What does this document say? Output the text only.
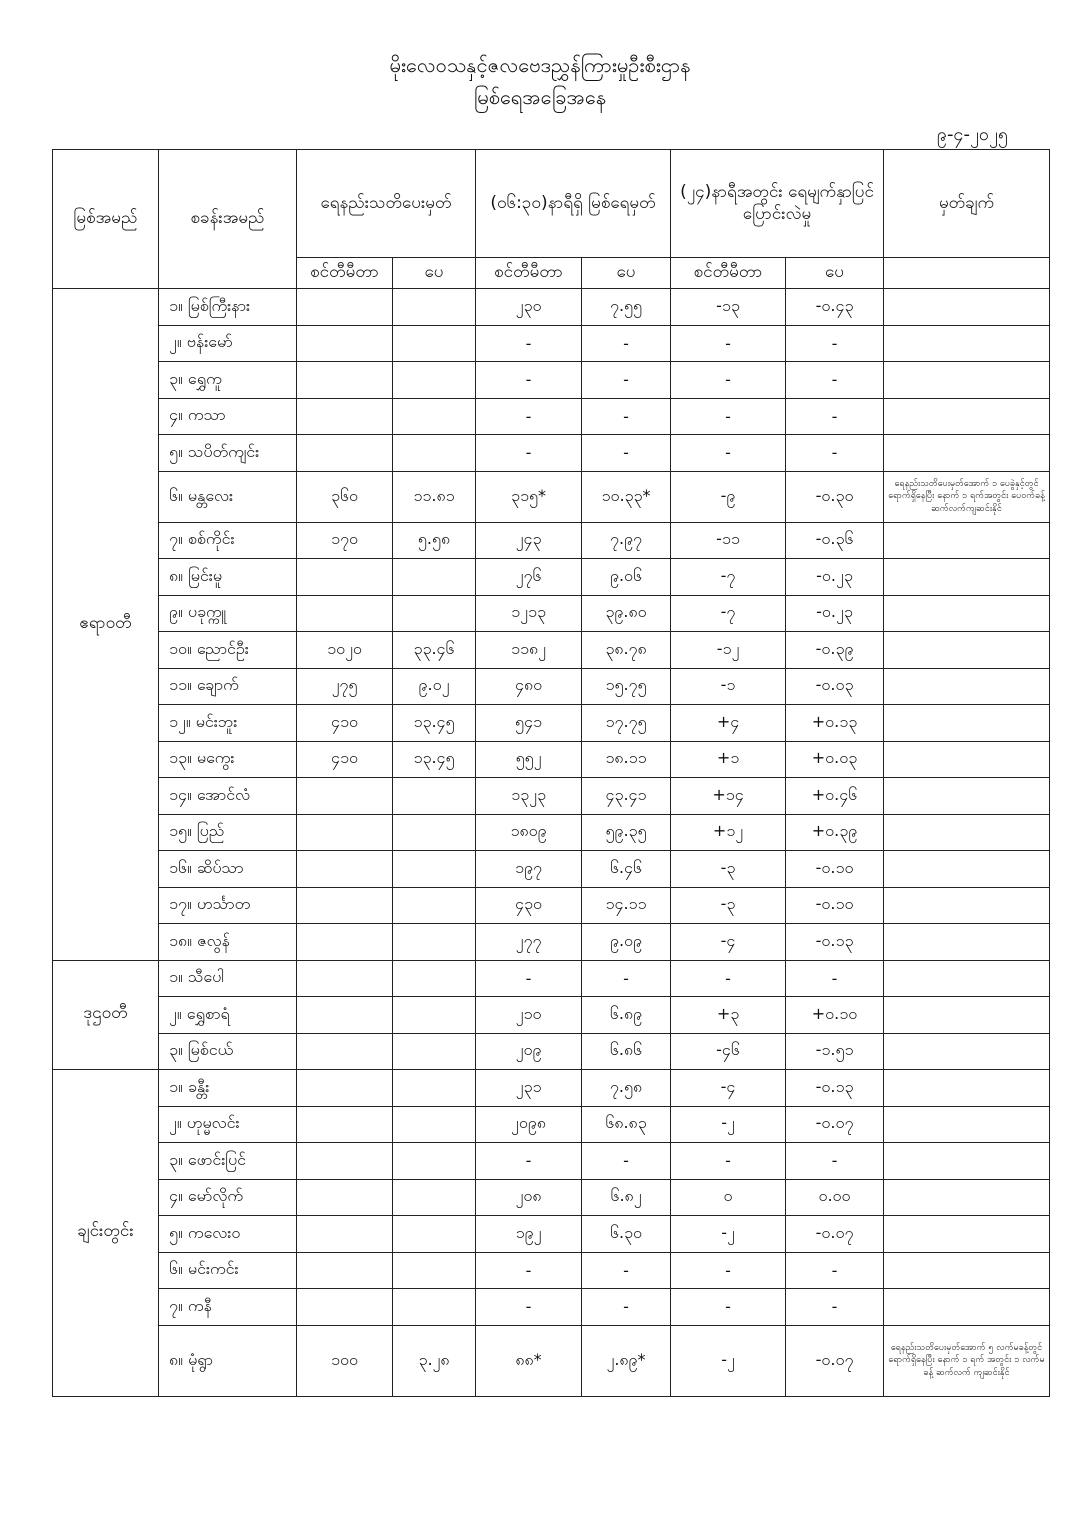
မိုးလေဝသနှင့်ဇလဗေဒညွှန်ကြားမှုဦးစီးဌာန
မြစ်ရေအခြေအနေ
၉-၄-၂၀၂၅
မြစ်အမည်	စခန်းအမည်	ရေနည်းသတိပေးမှတ်		(၀၆:၃၀)နာရီရှိ မြစ်ရေမှတ်		(၂၄)နာရီအတွင်း ရေမျက်နှာပြင် ပြောင်းလဲမှု		မှတ်ချက်
		စင်တီမီတာ	ပေ	စင်တီမီတာ	ပေ	စင်တီမီတာ	ပေ	
ဧရာဝတီ	၁။ မြစ်ကြီးနား			၂၃၀	၇.၅၅	-၁၃	-၀.၄၃	
	၂။ ဗန်းမော်			-	-	-	-	
	၃။ ရွှေကူ			-	-	-	-	
	၄။ ကသာ			-	-	-	-	
	၅။ သပိတ်ကျင်း			-	-	-	-	
	၆။ မန္တလေး	၃၆၀	၁၁.၈၁	၃၁၅*	၁၀.၃၃*	-၉	-၀.၃၀	ရေနည်းသတိပေးမှတ်အောက် ၁ ပေခွဲနှင့်တွင် ရောက်ရှိနေပြီး နောက် ၁ ရက်အတွင်း ပေဝက်ခန့် ဆက်လက်ကျဆင်းနိုင်
	၇။ စစ်ကိုင်း	၁၇၀	၅.၅၈	၂၄၃	၇.၉၇	-၁၁	-၀.၃၆	
	၈။ မြင်းမူ			၂၇၆	၉.၀၆	-၇	-၀.၂၃	
	၉။ ပခုက္ကူ			၁၂၁၃	၃၉.၈၀	-၇	-၀.၂၃	
	၁၀။ ညောင်ဦး	၁၀၂၀	၃၃.၄၆	၁၁၈၂	၃၈.၇၈	-၁၂	-၀.၃၉	
	၁၁။ ချောက်	၂၇၅	၉.၀၂	၄၈၀	၁၅.၇၅	-၁	-၀.၀၃	
	၁၂။ မင်းဘူး	၄၁၀	၁၃.၄၅	၅၄၁	၁၇.၇၅	+၄	+၀.၁၃	
	၁၃။ မကွေး	၄၁၀	၁၃.၄၅	၅၅၂	၁၈.၁၁	+၁	+၀.၀၃	
	၁၄။ အောင်လံ			၁၃၂၃	၄၃.၄၁	+၁၄	+၀.၄၆	
	၁၅။ ပြည်			၁၈၀၉	၅၉.၃၅	+၁၂	+၀.၃၉	
	၁၆။ ဆိပ်သာ			၁၉၇	၆.၄၆	-၃	-၀.၁၀	
	၁၇။ ဟင်္သာတ			၄၃၀	၁၄.၁၁	-၃	-၀.၁၀	
	၁၈။ ဇလွန်			၂၇၇	၉.၀၉	-၄	-၀.၁၃	
ဒုဌဝတီ	၁။ သီပေါ			-	-	-	-	
	၂။ ရွှေစာရံ			၂၁၀	၆.၈၉	+၃	+၀.၁၀	
	၃။ မြစ်ငယ်			၂၀၉	၆.၈၆	-၄၆	-၁.၅၁	
ချင်းတွင်း	၁။ ခန္တီး			၂၃၁	၇.၅၈	-၄	-၀.၁၃	
	၂။ ဟုမ္မလင်း			၂၀၉၈	၆၈.၈၃	-၂	-၀.၀၇	
	၃။ ဖောင်းပြင်			-	-	-	-	
	၄။ မော်လိုက်			၂၀၈	၆.၈၂	၀	၀.၀၀	
	၅။ ကလေးဝ			၁၉၂	၆.၃၀	-၂	-၀.၀၇	
	၆။ မင်းကင်း			-	-	-	-	
	၇။ ကနီ			-	-	-	-	
	၈။ မုံရွာ	၁၀၀	၃.၂၈	၈၈*	၂.၈၉*	-၂	-၀.၀၇	ရေနည်းသတိပေးမှတ်အောက် ၅ လက်မခန့်တွင် ရောက်ရှိနေပြီး နောက် ၁ ရက် အတွင်း ၁ လက်မခန့် ဆက်လက် ကျဆင်းနိုင်
